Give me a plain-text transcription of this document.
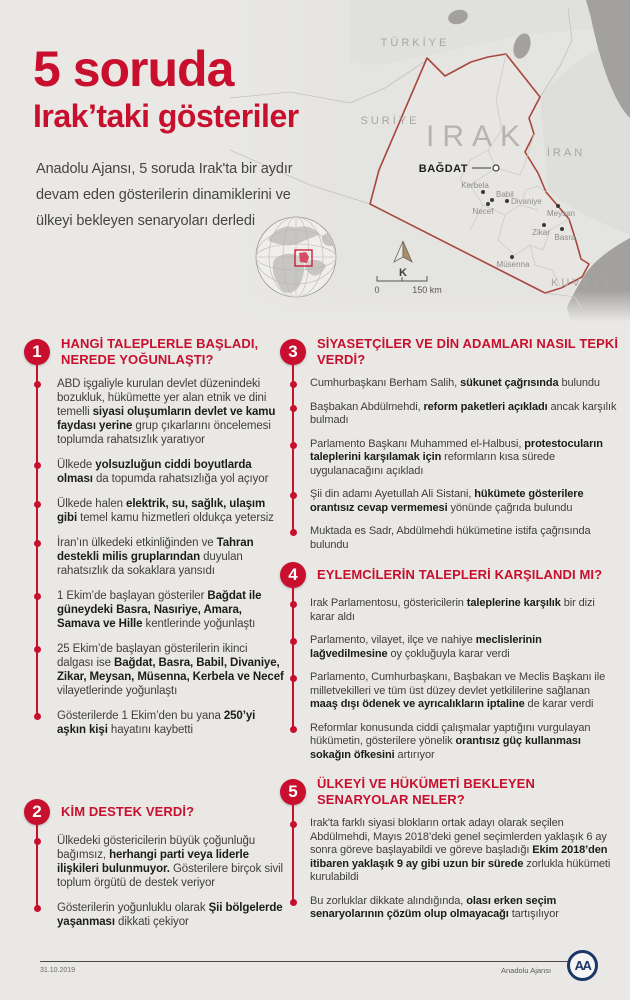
TÜRKİYE
SURİYE
İRAN
KUVEYT
IRAK
BAĞDAT
Kerbela
Babil
Divaniye
Necef	Meysan
Zikar
Basra
Müsenna
K
5 soruda
Irak’taki gösteriler

Anadolu Ajansı, 5 soruda Irak'ta bir aydır devam eden gösterilerin dinamiklerini ve ülkeyi bekleyen senaryoları derledi

1	HANGİ TALEPLERLE BAŞLADI, NEREDE YOĞUNLAŞTI?
ABD işgaliyle kurulan devlet düzenindeki bozukluk, hükümette yer alan etnik ve dini temelli siyasi oluşumların devlet ve kamu faydası yerine grup çıkarlarını öncelemesi toplumda rahatsızlık yaratıyor
Ülkede yolsuzluğun ciddi boyutlarda olması da topumda rahatsızlığa yol açıyor
Ülkede halen elektrik, su, sağlık, ulaşım gibi temel kamu hizmetleri oldukça yetersiz
İran’ın ülkedeki etkinliğinden ve Tahran destekli milis gruplarından duyulan rahatsızlık da sokaklara yansıdı
1 Ekim’de başlayan gösteriler Bağdat ile güneydeki Basra, Nasıriye, Amara, Samava ve Hille kentlerinde yoğunlaştı
25 Ekim’de başlayan gösterilerin ikinci dalgası ise Bağdat, Basra, Babil, Divaniye, Zikar, Meysan, Müsenna, Kerbela ve Necef vilayetlerinde yoğunlaştı
Gösterilerde 1 Ekim’den bu yana 250’yi aşkın kişi hayatını kaybetti
2	KİM DESTEK VERDİ?
Ülkedeki göstericilerin büyük çoğunluğu bağımsız, herhangi parti veya liderle ilişkileri bulunmuyor. Gösterilere birçok sivil toplum örgütü de destek veriyor
Gösterilerin yoğunluklu olarak Şii bölgelerde yaşanması dikkati çekiyor
3	SİYASETÇİLER VE DİN ADAMLARI NASIL TEPKİ VERDİ?
Cumhurbaşkanı Berham Salih, sükunet çağrısında bulundu
Başbakan Abdülmehdi, reform paketleri açıkladı ancak karşılık bulmadı
Parlamento Başkanı Muhammed el-Halbusi, protestocuların taleplerini karşılamak için reformların kısa sürede uygulanacağını açıkladı
Şii din adamı Ayetullah Ali Sistani, hükümete gösterilere orantısız cevap vermemesi yönünde çağrıda bulundu
Muktada es Sadr, Abdülmehdi hükümetine istifa çağrısında bulundu
4	EYLEMCİLERİN TALEPLERİ KARŞILANDI MI?
Irak Parlamentosu, göstericilerin taleplerine karşılık bir dizi karar aldı
Parlamento, vilayet, ilçe ve nahiye meclislerinin lağvedilmesine oy çokluğuyla karar verdi
Parlamento, Cumhurbaşkanı, Başbakan ve Meclis Başkanı ile milletvekilleri ve tüm üst düzey devlet yetkililerine sağlanan maaş dışı ödenek ve ayrıcalıkların iptaline de karar verdi
Reformlar konusunda ciddi çalışmalar yaptığını vurgulayan hükümetin, gösterilere yönelik orantısız güç kullanması sokağın öfkesini artırıyor
5	ÜLKEYİ VE HÜKÜMETİ BEKLEYEN SENARYOLAR NELER?
Irak'ta farklı siyasi blokların ortak adayı olarak seçilen Abdülmehdi, Mayıs 2018’deki genel seçimlerden yaklaşık 6 ay sonra göreve başlayabildi ve göreve başladığı Ekim 2018’den itibaren yaklaşık 9 ay gibi uzun bir sürede zorlukla hükümeti kurulabildi
Bu zorluklar dikkate alındığında, olası erken seçim senaryolarının çözüm olup olmayacağı tartışılıyor
31.10.2019	Anadolu Ajansı AA
